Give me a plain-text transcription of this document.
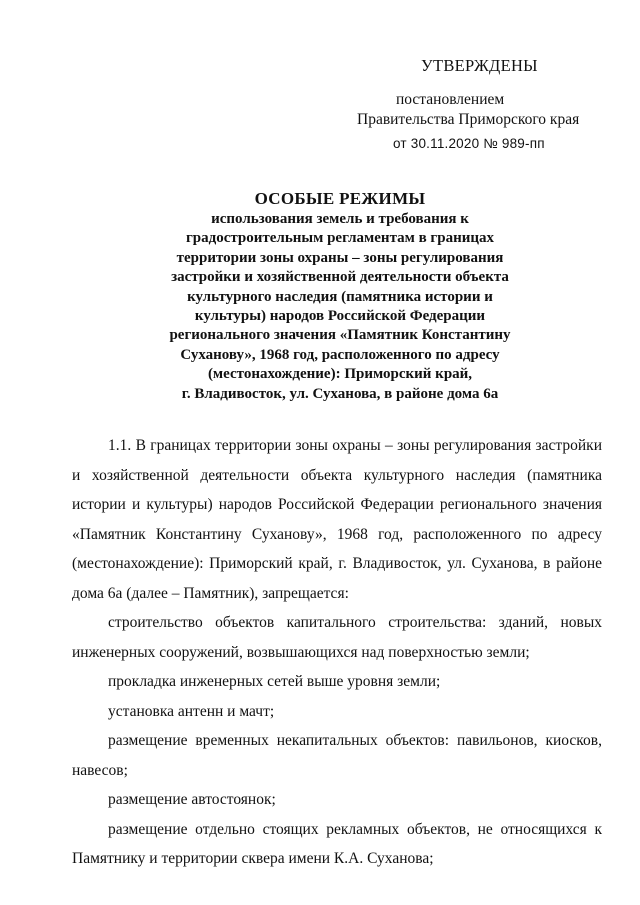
УТВЕРЖДЕНЫ
постановлением
Правительства Приморского края
от 30.11.2020 № 989-пп
ОСОБЫЕ РЕЖИМЫ
использования земель и требования к
градостроительным регламентам в границах
территории зоны охраны – зоны регулирования
застройки и хозяйственной деятельности объекта
культурного наследия (памятника истории и
культуры) народов Российской Федерации
регионального значения «Памятник Константину
Суханову», 1968 год, расположенного по адресу
(местонахождение): Приморский край,
г. Владивосток, ул. Суханова, в районе дома 6а

1.1. В границах территории зоны охраны – зоны регулирования застройки и хозяйственной деятельности объекта культурного наследия (памятника истории и культуры) народов Российской Федерации регионального значения «Памятник Константину Суханову», 1968 год, расположенного по адресу (местонахождение): Приморский край, г. Владивосток, ул. Суханова, в районе дома 6а (далее – Памятник), запрещается:

строительство объектов капитального строительства: зданий, новых инженерных сооружений, возвышающихся над поверхностью земли;

прокладка инженерных сетей выше уровня земли;

установка антенн и мачт;

размещение временных некапитальных объектов: павильонов, киосков, навесов;

размещение автостоянок;

размещение отдельно стоящих рекламных объектов, не относящихся к Памятнику и территории сквера имени К.А. Суханова;
